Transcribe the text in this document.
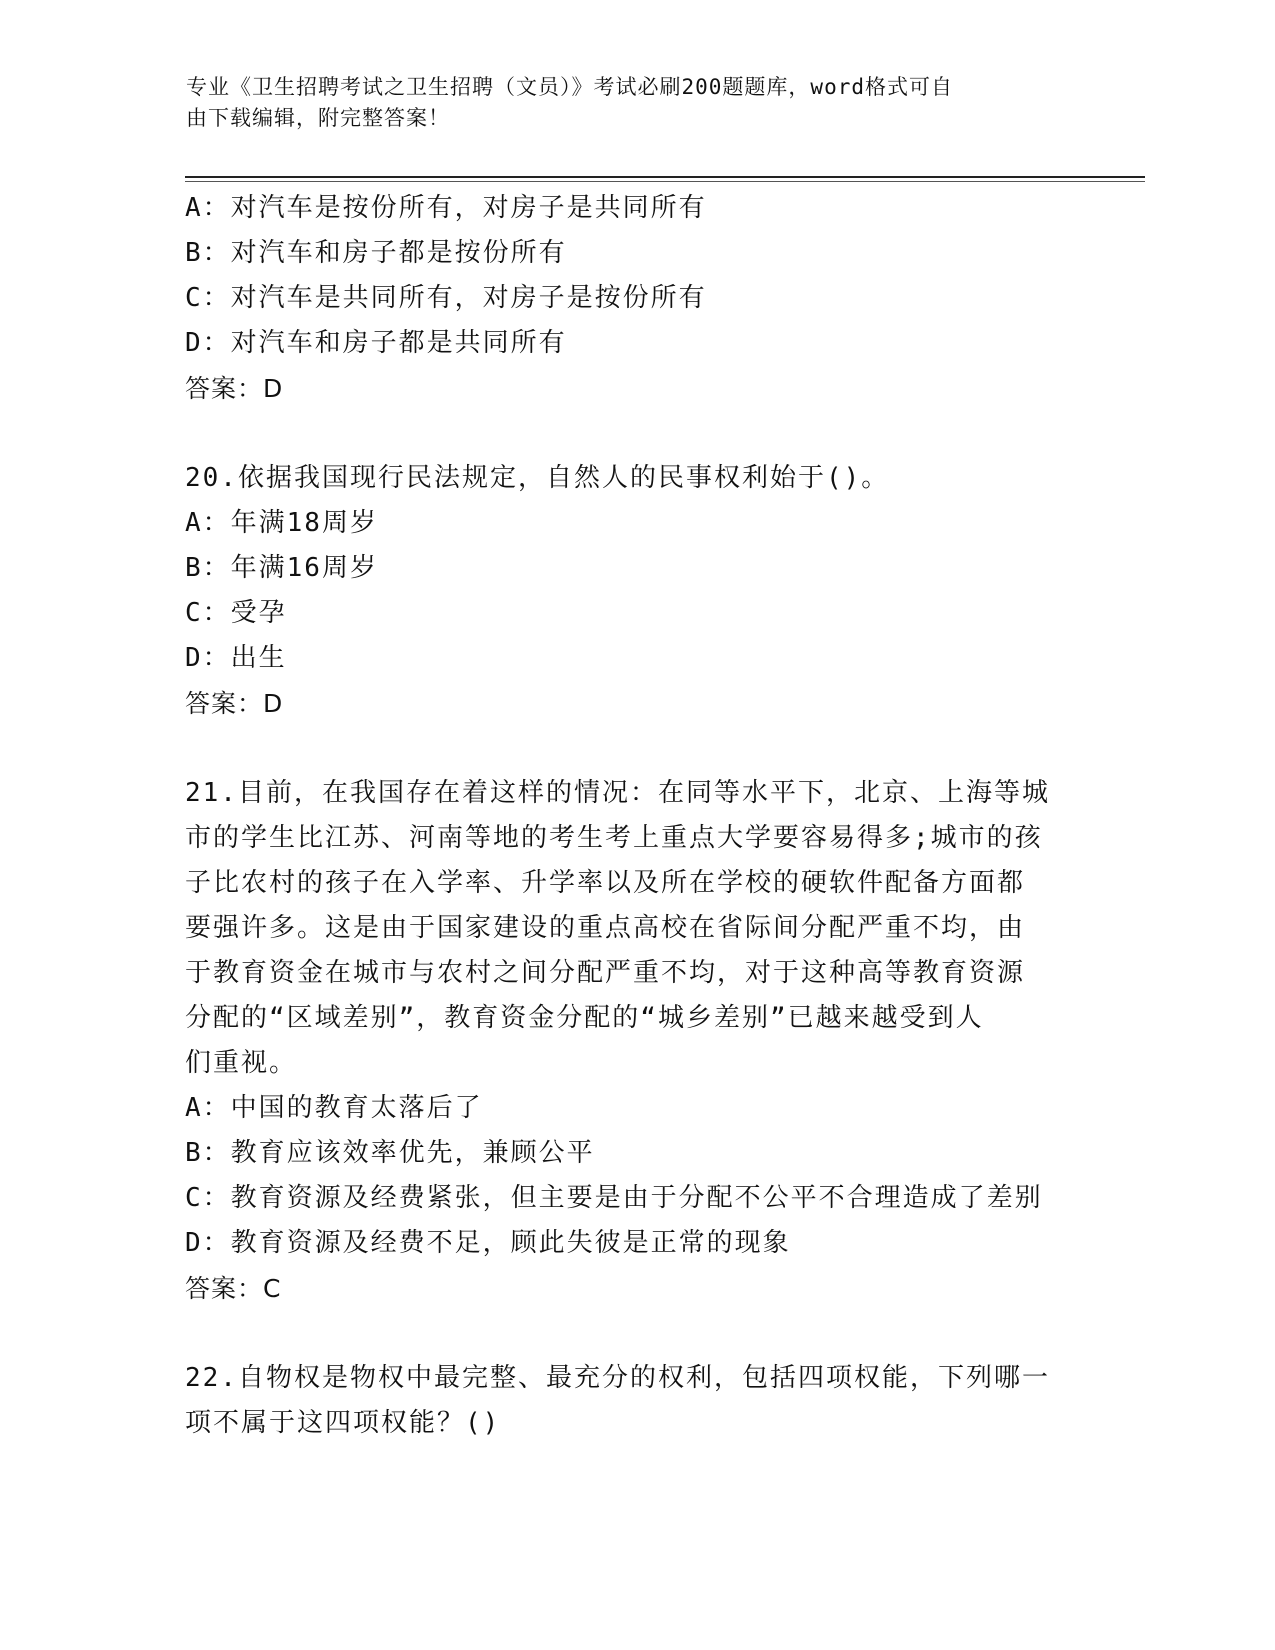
专业《卫生招聘考试之卫生招聘（文员）》考试必刷200题题库，word格式可自
由下载编辑，附完整答案！
A：对汽车是按份所有，对房子是共同所有
B：对汽车和房子都是按份所有
C：对汽车是共同所有，对房子是按份所有
D：对汽车和房子都是共同所有
答案：D
20.依据我国现行民法规定，自然人的民事权利始于()。
A：年满18周岁
B：年满16周岁
C：受孕
D：出生
答案：D
21.目前，在我国存在着这样的情况：在同等水平下，北京、上海等城
市的学生比江苏、河南等地的考生考上重点大学要容易得多;城市的孩
子比农村的孩子在入学率、升学率以及所在学校的硬软件配备方面都
要强许多。这是由于国家建设的重点高校在省际间分配严重不均，由
于教育资金在城市与农村之间分配严重不均，对于这种高等教育资源
分配的“区域差别”，教育资金分配的“城乡差别”已越来越受到人
们重视。
A：中国的教育太落后了
B：教育应该效率优先，兼顾公平
C：教育资源及经费紧张，但主要是由于分配不公平不合理造成了差别
D：教育资源及经费不足，顾此失彼是正常的现象
答案：C
22.自物权是物权中最完整、最充分的权利，包括四项权能，下列哪一
项不属于这四项权能？()
